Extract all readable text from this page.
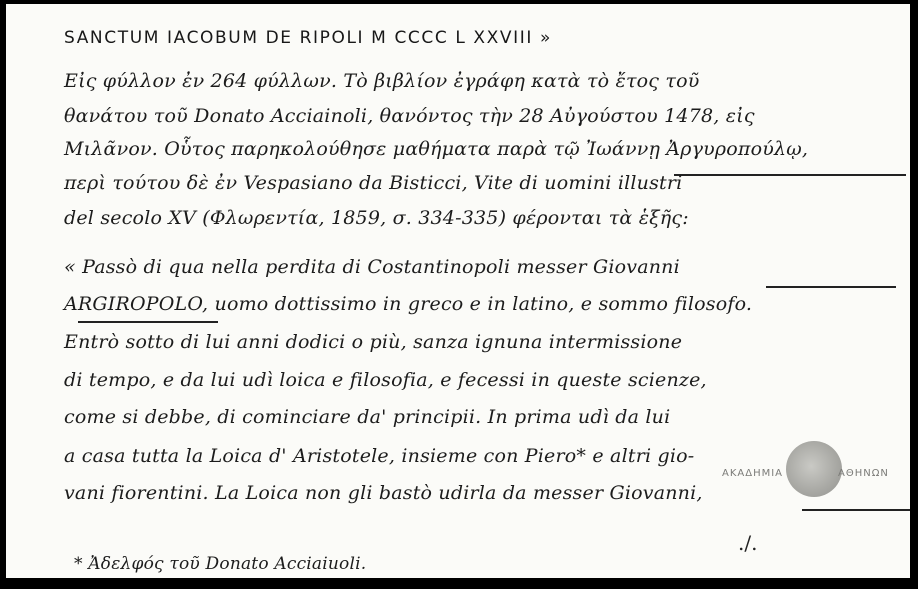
SANCTUM IACOBUM DE RIPOLI M CCCC L XXVIII »
Εἰς φύλλον ἐν 264 φύλλων. Τὸ βιβλίον ἐγράφη κατὰ τὸ ἔτος τοῦ
θανάτου τοῦ Donato Acciainoli, θανόντος τὴν 28 Αὐγούστου 1478, εἰς
Μιλᾶνον. Οὗτος παρηκολούθησε μαθήματα παρὰ τῷ Ἰωάννῃ Ἀργυροπούλῳ,
περὶ τούτου δὲ ἐν Vespasiano da Bisticci, Vite di uomini illustri
del secolo XV (Φλωρεντία, 1859, σ. 334-335) φέρονται τὰ ἑξῆς:
« Passò di qua nella perdita di Costantinopoli messer Giovanni
ARGIROPOLO, uomo dottissimo in greco e in latino, e sommo filosofo.
Entrò sotto di lui anni dodici o più, sanza ignuna intermissione
di tempo, e da lui udì loica e filosofia, e fecessi in queste scienze,
come si debbe, di cominciare da' principii. In prima udì da lui
a casa tutta la Loica d' Aristotele, insieme con Piero* e altri gio-
vani fiorentini. La Loica non gli bastò udirla da messer Giovanni,
ΑΚΑΔΗΜΙΑ	ΑΘΗΝΩΝ
./.
* Ἀδελφός τοῦ Donato Acciaiuoli.
